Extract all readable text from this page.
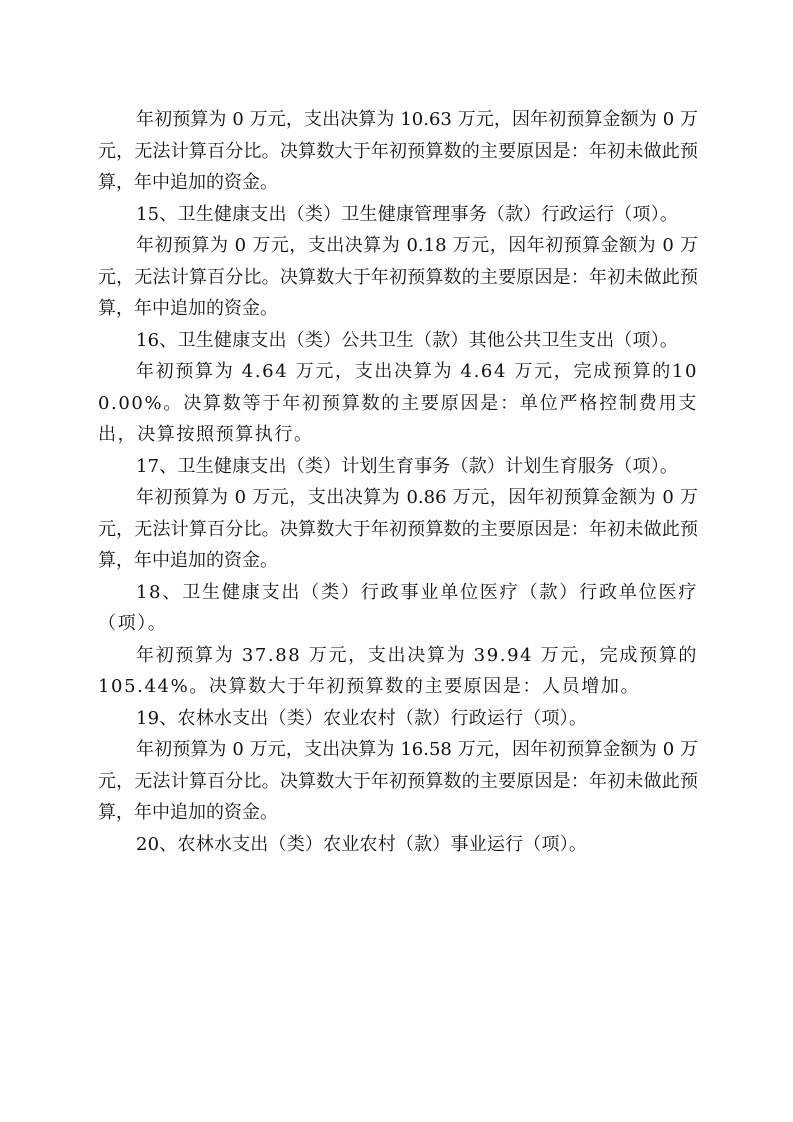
年初预算为 0 万元，支出决算为 10.63 万元，因年初预算金额为 0 万元，无法计算百分比。决算数大于年初预算数的主要原因是：年初未做此预算，年中追加的资金。

15、卫生健康支出（类）卫生健康管理事务（款）行政运行（项）。

年初预算为 0 万元，支出决算为 0.18 万元，因年初预算金额为 0 万元，无法计算百分比。决算数大于年初预算数的主要原因是：年初未做此预算，年中追加的资金。

16、卫生健康支出（类）公共卫生（款）其他公共卫生支出（项）。

年初预算为 4.64 万元，支出决算为 4.64 万元，完成预算的100.00%。决算数等于年初预算数的主要原因是：单位严格控制费用支出，决算按照预算执行。

17、卫生健康支出（类）计划生育事务（款）计划生育服务（项）。

年初预算为 0 万元，支出决算为 0.86 万元，因年初预算金额为 0 万元，无法计算百分比。决算数大于年初预算数的主要原因是：年初未做此预算，年中追加的资金。

18、卫生健康支出（类）行政事业单位医疗（款）行政单位医疗（项）。

年初预算为 37.88 万元，支出决算为 39.94 万元，完成预算的105.44%。决算数大于年初预算数的主要原因是：人员增加。

19、农林水支出（类）农业农村（款）行政运行（项）。

年初预算为 0 万元，支出决算为 16.58 万元，因年初预算金额为 0 万元，无法计算百分比。决算数大于年初预算数的主要原因是：年初未做此预算，年中追加的资金。

20、农林水支出（类）农业农村（款）事业运行（项）。
